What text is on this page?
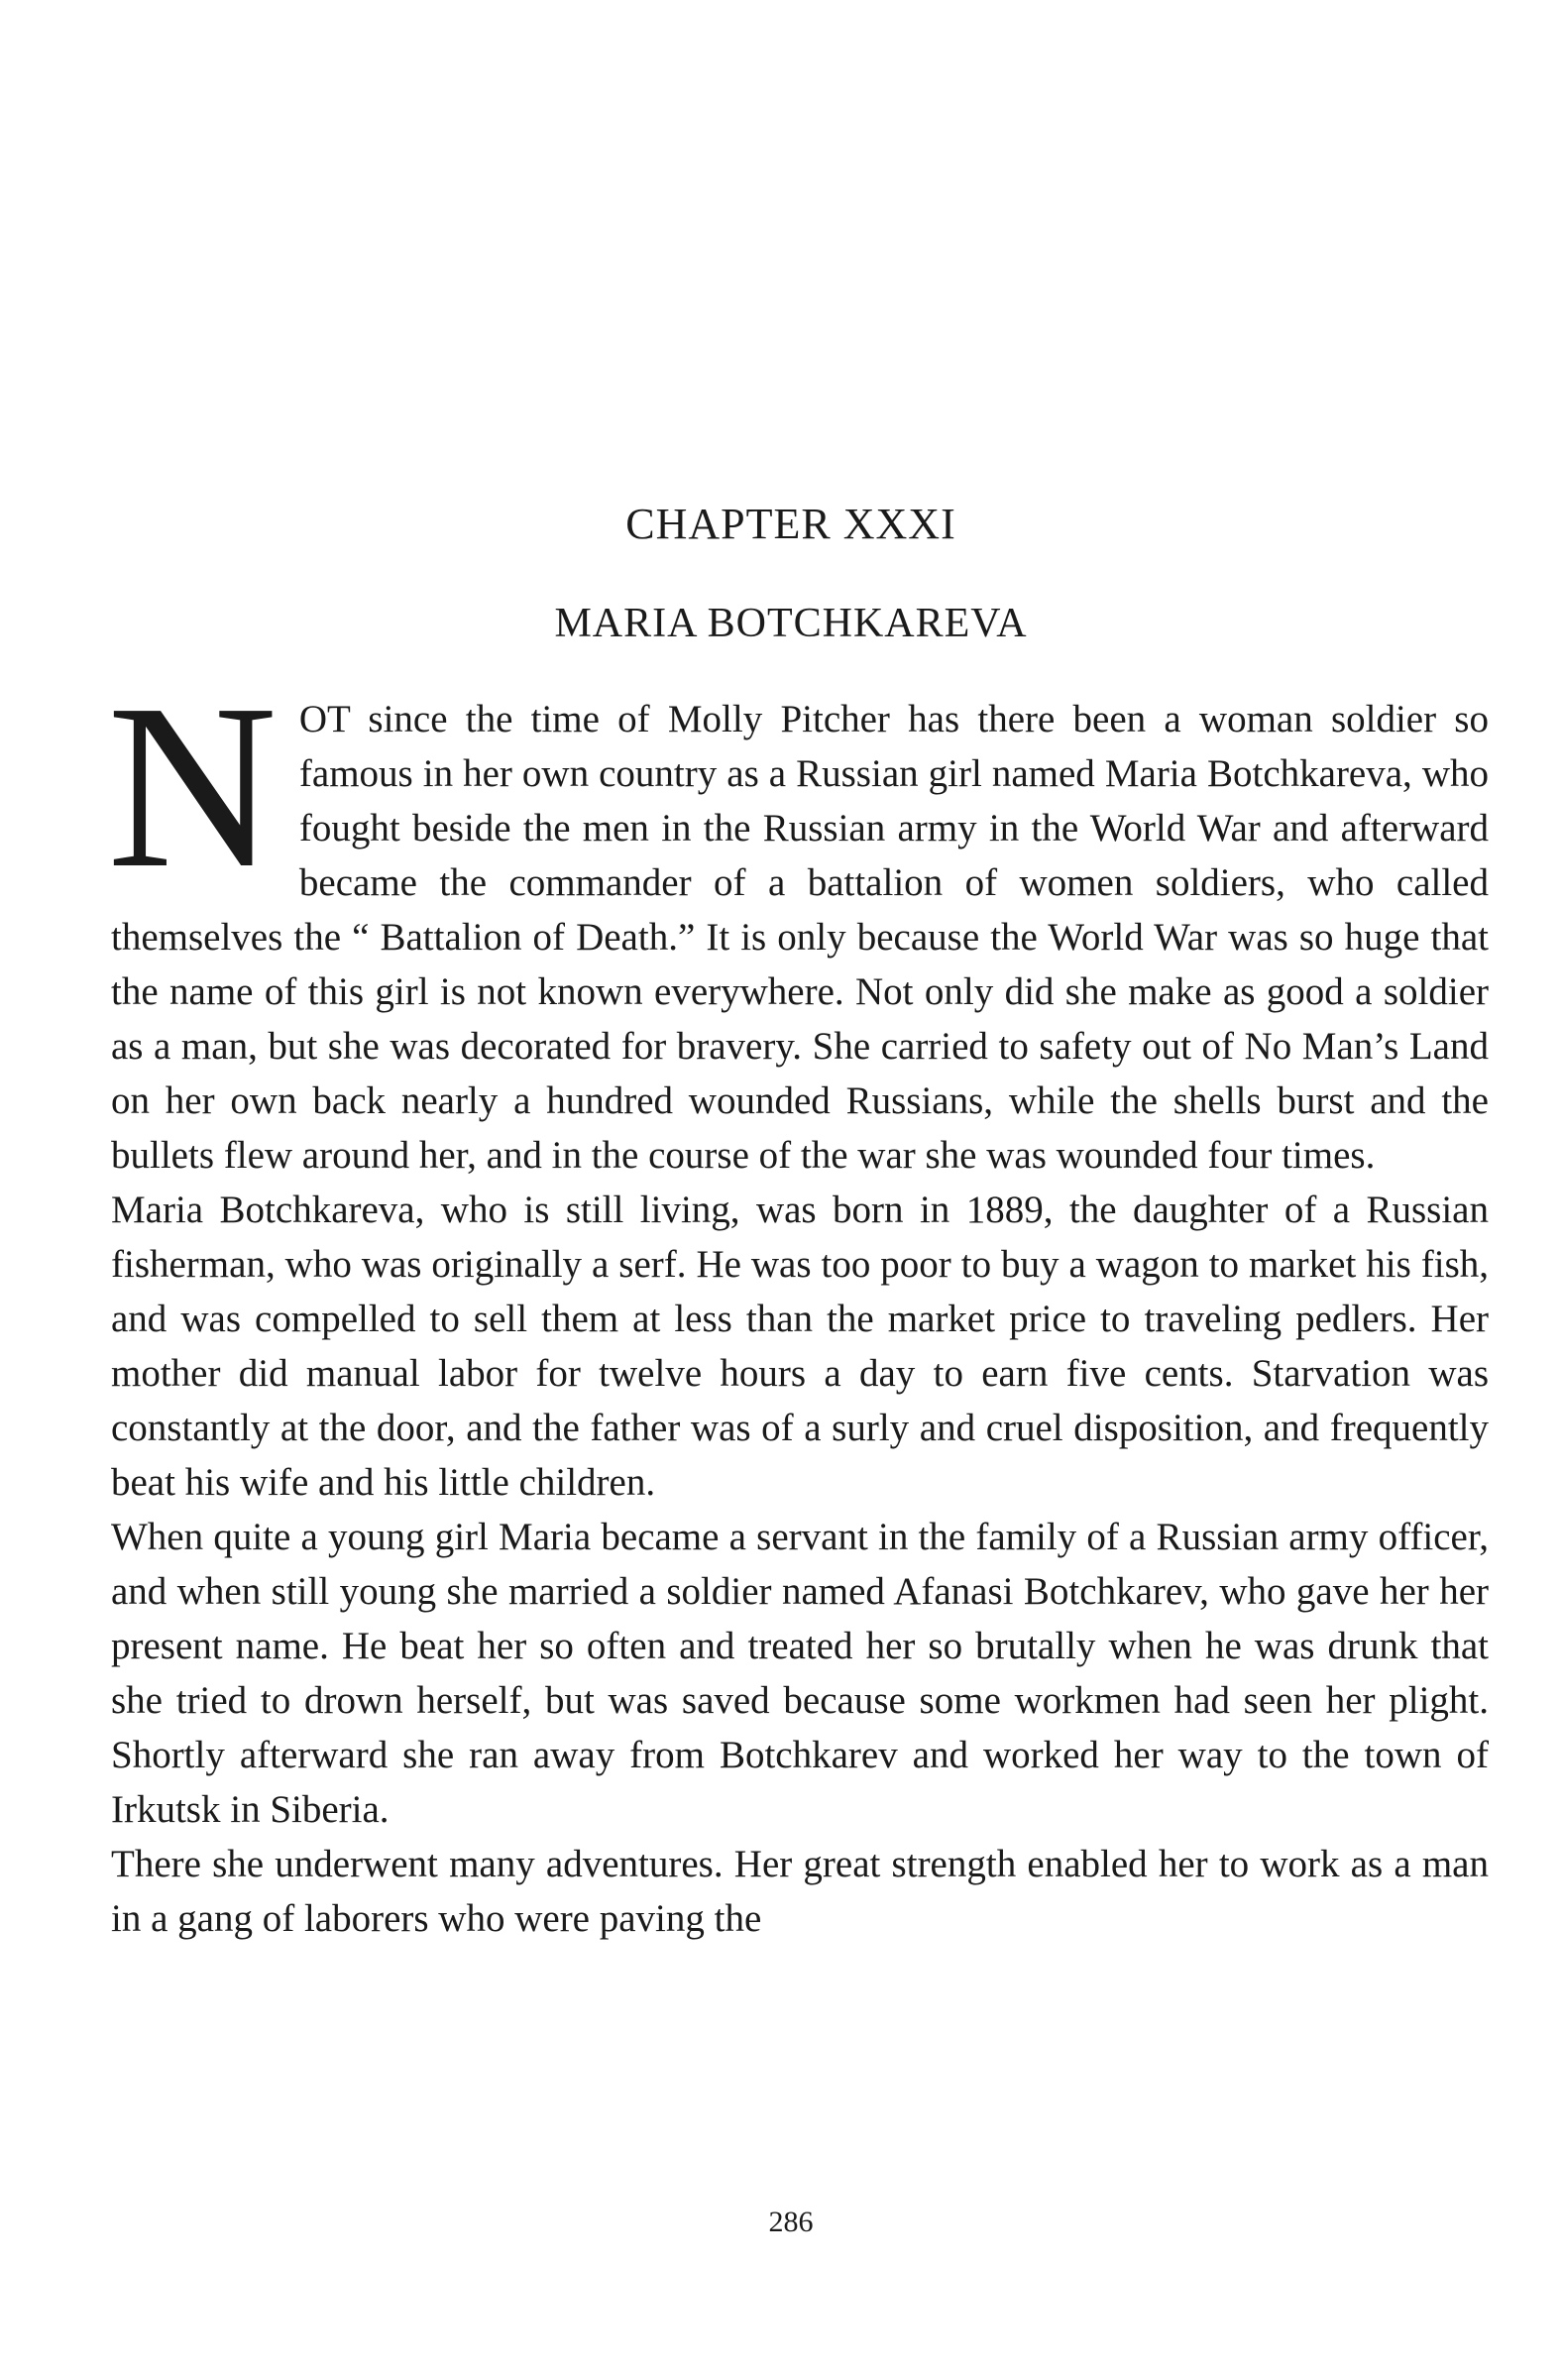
CHAPTER XXXI
MARIA BOTCHKAREVA

NOT since the time of Molly Pitcher has there been a woman soldier so famous in her own country as a Russian girl named Maria Botchkareva, who fought beside the men in the Russian army in the World War and afterward became the commander of a battalion of women soldiers, who called themselves the “ Battalion of Death.” It is only because the World War was so huge that the name of this girl is not known everywhere. Not only did she make as good a soldier as a man, but she was decorated for bravery. She carried to safety out of No Man’s Land on her own back nearly a hundred wounded Russians, while the shells burst and the bullets flew around her, and in the course of the war she was wounded four times.

Maria Botchkareva, who is still living, was born in 1889, the daughter of a Russian fisherman, who was originally a serf. He was too poor to buy a wagon to market his fish, and was compelled to sell them at less than the market price to traveling pedlers. Her mother did manual labor for twelve hours a day to earn five cents. Starvation was constantly at the door, and the father was of a surly and cruel disposition, and frequently beat his wife and his little children.

When quite a young girl Maria became a servant in the family of a Russian army officer, and when still young she married a soldier named Afanasi Botchkarev, who gave her her present name. He beat her so often and treated her so brutally when he was drunk that she tried to drown herself, but was saved because some workmen had seen her plight. Shortly afterward she ran away from Botchkarev and worked her way to the town of Irkutsk in Siberia.

There she underwent many adventures. Her great strength enabled her to work as a man in a gang of laborers who were paving the

286
